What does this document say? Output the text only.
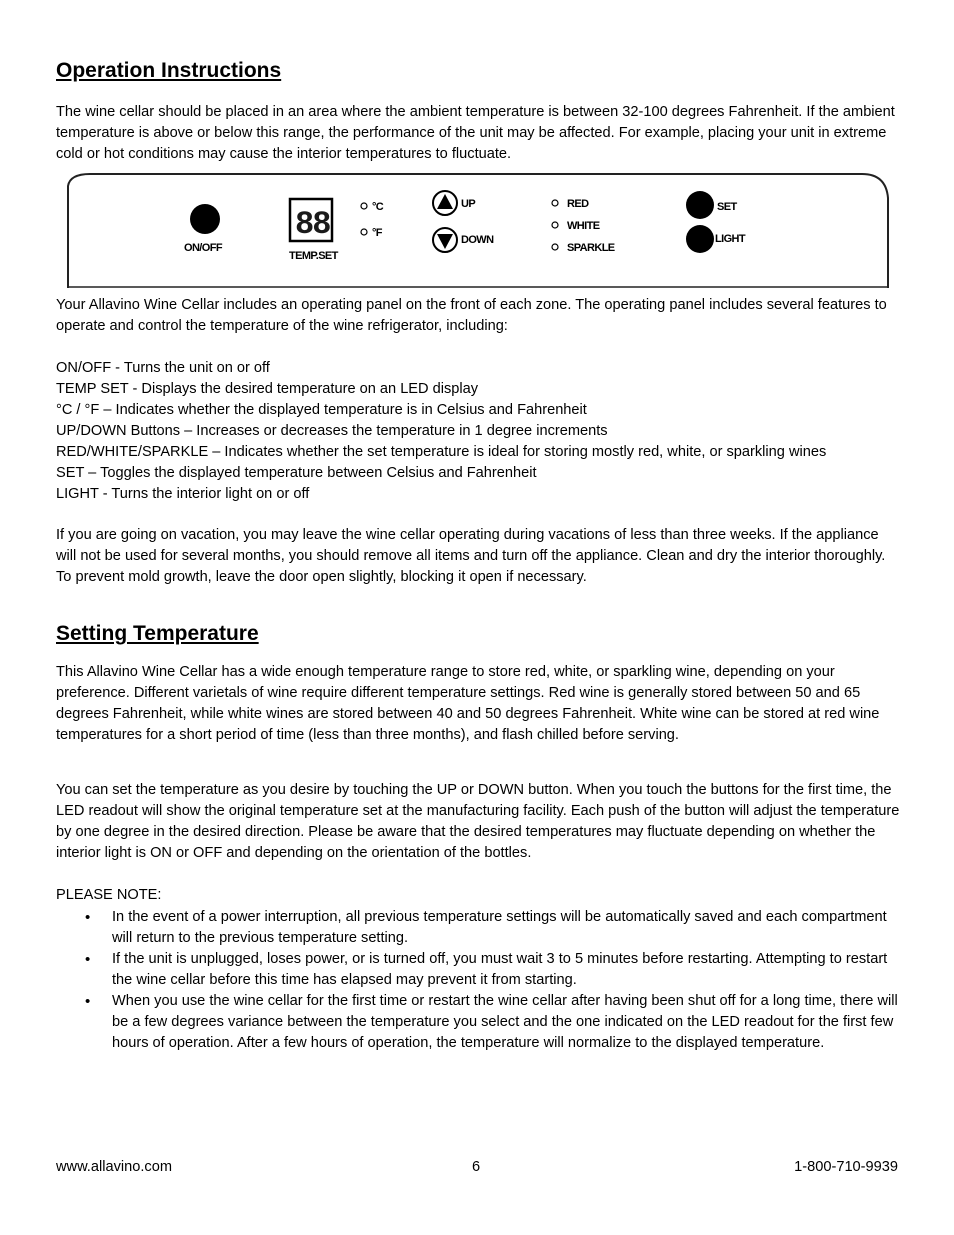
Operation Instructions

The wine cellar should be placed in an area where the ambient temperature is between 32-100 degrees Fahrenheit. If the ambient temperature is above or below this range, the performance of the unit may be affected. For example, placing your unit in extreme cold or hot conditions may cause the interior temperatures to fluctuate.

ON/OFF
88
TEMP.SET
°C
°F
UP
DOWN
RED
WHITE
SPARKLE
SET
LIGHT

Your Allavino Wine Cellar includes an operating panel on the front of each zone. The operating panel includes several features to operate and control the temperature of the wine refrigerator, including:

ON/OFF - Turns the unit on or off

TEMP SET - Displays the desired temperature on an LED display

°C / °F – Indicates whether the displayed temperature is in Celsius and Fahrenheit

UP/DOWN Buttons – Increases or decreases the temperature in 1 degree increments

RED/WHITE/SPARKLE – Indicates whether the set temperature is ideal for storing mostly red, white, or sparkling wines

SET – Toggles the displayed temperature between Celsius and Fahrenheit

LIGHT - Turns the interior light on or off

If you are going on vacation, you may leave the wine cellar operating during vacations of less than three weeks. If the appliance will not be used for several months, you should remove all items and turn off the appliance. Clean and dry the interior thoroughly. To prevent mold growth, leave the door open slightly, blocking it open if necessary.

Setting Temperature

This Allavino Wine Cellar has a wide enough temperature range to store red, white, or sparkling wine, depending on your preference. Different varietals of wine require different temperature settings. Red wine is generally stored between 50 and 65 degrees Fahrenheit, while white wines are stored between 40 and 50 degrees Fahrenheit. White wine can be stored at red wine temperatures for a short period of time (less than three months), and flash chilled before serving.

You can set the temperature as you desire by touching the UP or DOWN button. When you touch the buttons for the first time, the LED readout will show the original temperature set at the manufacturing facility. Each push of the button will adjust the temperature by one degree in the desired direction. Please be aware that the desired temperatures may fluctuate depending on whether the interior light is ON or OFF and depending on the orientation of the bottles.

PLEASE NOTE:

• In the event of a power interruption, all previous temperature settings will be automatically saved and each compartment will return to the previous temperature setting.
• If the unit is unplugged, loses power, or is turned off, you must wait 3 to 5 minutes before restarting. Attempting to restart the wine cellar before this time has elapsed may prevent it from starting.
• When you use the wine cellar for the first time or restart the wine cellar after having been shut off for a long time, there will be a few degrees variance between the temperature you select and the one indicated on the LED readout for the first few hours of operation. After a few hours of operation, the temperature will normalize to the displayed temperature.
www.allavino.com	6	1-800-710-9939
